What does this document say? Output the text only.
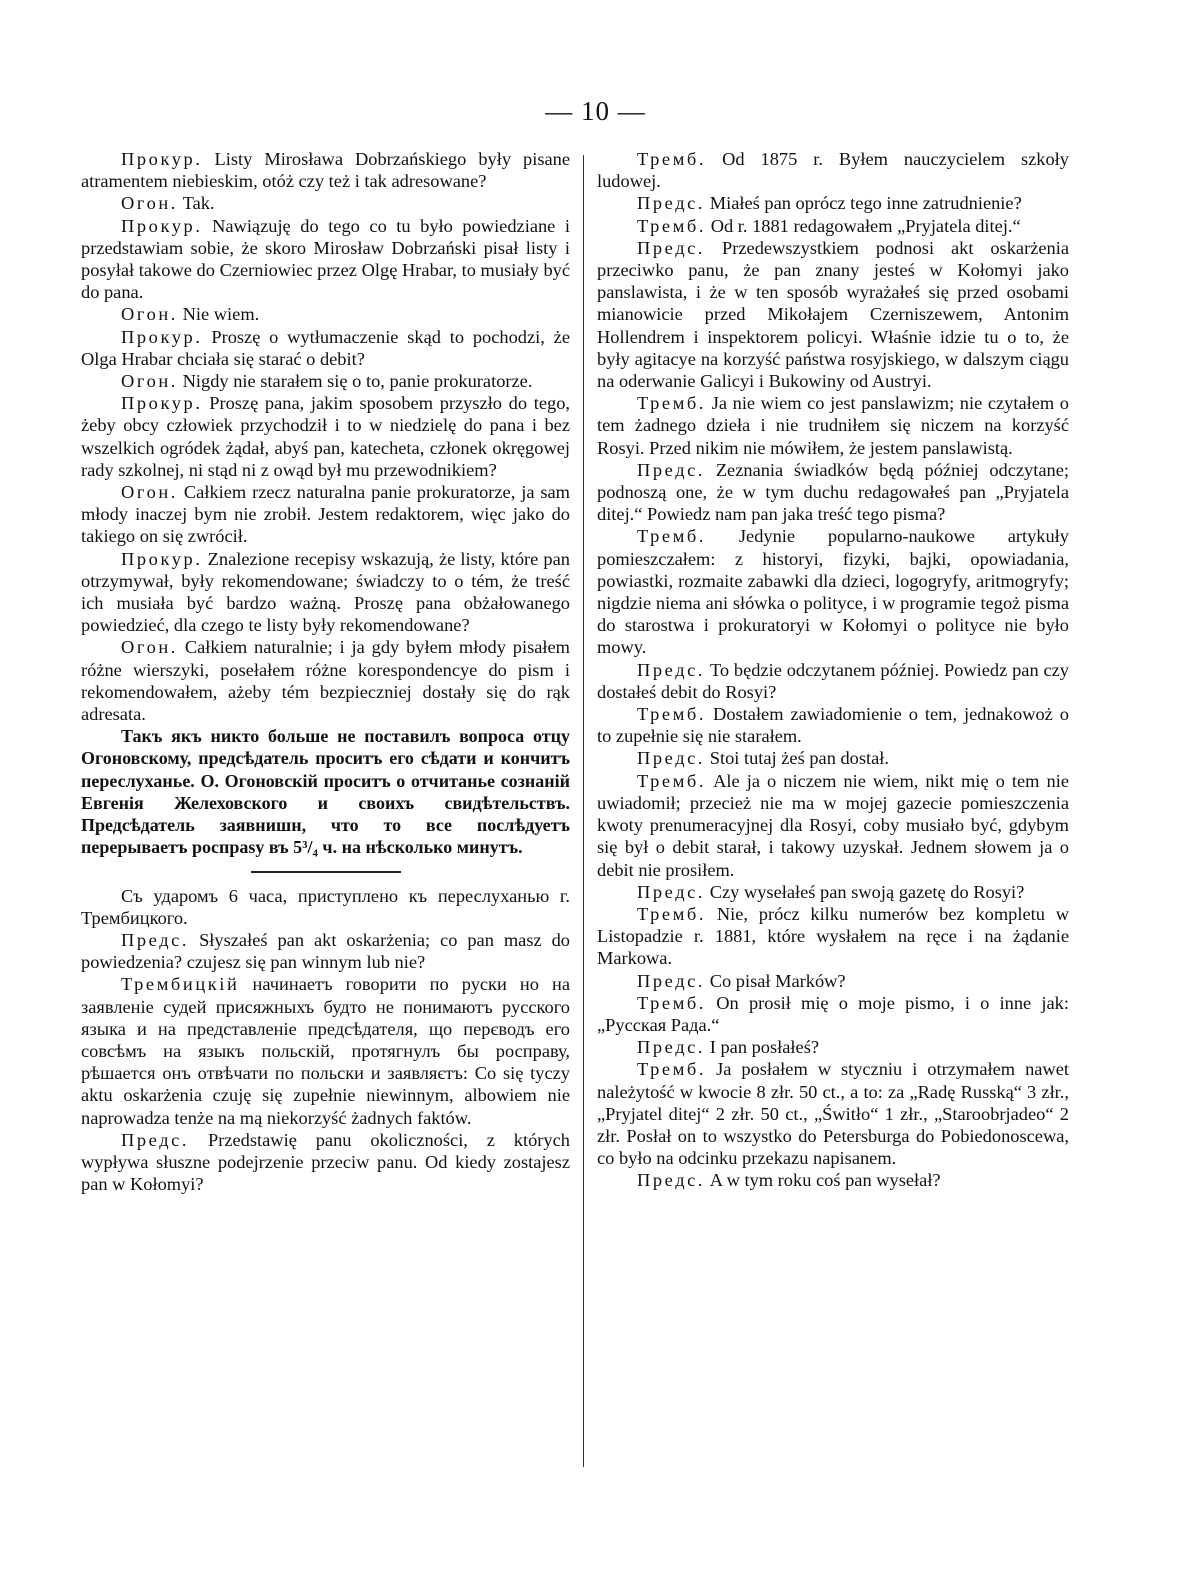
— 10 —

Прокур. Listy Mirosława Dobrzańskiego były pisane atramentem niebieskim, otóż czy też i tak adresowane?

Огон. Tak.

Прокур. Nawiązuję do tego co tu było powiedziane i przedstawiam sobie, że skoro Mirosław Dobrzański pisał listy i posyłał takowe do Czerniowiec przez Olgę Hrabar, to musiały być do pana.

Огон. Nie wiem.

Прокур. Proszę o wytłumaczenie skąd to pochodzi, że Olga Hrabar chciała się starać o debit?

Огон. Nigdy nie starałem się o to, panie prokuratorze.

Прокур. Proszę pana, jakim sposobem przyszło do tego, żeby obcy człowiek przychodził i to w niedzielę do pana i bez wszelkich ogródek żądał, abyś pan, katecheta, członek okręgowej rady szkolnej, ni stąd ni z owąd był mu przewodnikiem?

Огон. Całkiem rzecz naturalna panie prokuratorze, ja sam młody inaczej bym nie zrobił. Jestem redaktorem, więc jako do takiego on się zwrócił.

Прокур. Znalezione recepisy wskazują, że listy, które pan otrzymywał, były rekomendowane; świadczy to o tém, że treść ich musiała być bardzo ważną. Proszę pana obżałowanego powiedzieć, dla czego te listy były rekomendowane?

Огон. Całkiem naturalnie; i ja gdy byłem młody pisałem różne wierszyki, posełałem różne korespondencye do pism i rekomendowałem, ażeby tém bezpieczniej dostały się do rąk adresata.

Такъ якъ никто больше не поставилъ вопроса отцу Огоновскому, предсѣдатель проситъ его сѣдати и кончитъ переслуханье. О. Огоновскій проситъ о отчитанье сознаній Евгенія Желеховского и своихъ свидѣтельствъ. Предсѣдатель заявнишн, что то все послѣдуетъ перерываетъ роспраsу въ 5³/₄ ч. на нѣсколько минутъ.

Съ ударомъ 6 часа, приступлено къ переслуханью г. Трембицкого.

Предс. Słyszałeś pan akt oskarżenia; co pan masz do powiedzenia? czujesz się pan winnym lub nie?

Трембицкій начинаетъ говорити по руски но на заявленіе судей присяжныхъ будто не понимаютъ русского языка и на представленіе предсѣдателя, що перєводъ его совсѣмъ на языкъ польскій, протягнулъ бы росправу, рѣшается онъ отвѣчати по польски и заявляєтъ: Co się tyczy aktu oskarżenia czuję się zupełnie niewinnym, albowiem nie naprowadza tenże na mą niekorzyść żadnych faktów.

Предс. Przedstawię panu okoliczności, z których wypływa słuszne podejrzenie przeciw panu. Od kiedy zostajesz pan w Kołomyi?

Тремб. Od 1875 r. Byłem nauczycielem szkoły ludowej.

Предс. Miałeś pan oprócz tego inne zatrudnienie?

Тремб. Od r. 1881 redagowałem „Pryjatela ditej.“

Предс. Przedewszystkiem podnosi akt oskarżenia przeciwko panu, że pan znany jesteś w Kołomyi jako panslawista, i że w ten sposób wyrażałeś się przed osobami mianowicie przed Mikołajem Czerniszewem, Antonim Hollendrem i inspektorem policyi. Właśnie idzie tu o to, że były agitacye na korzyść państwa rosyjskiego, w dalszym ciągu na oderwanie Galicyi i Bukowiny od Austryi.

Тремб. Ja nie wiem co jest panslawizm; nie czytałem o tem żadnego dzieła i nie trudniłem się niczem na korzyść Rosyi. Przed nikim nie mówiłem, że jestem panslawistą.

Предс. Zeznania świadków będą później odczytane; podnoszą one, że w tym duchu redagowałeś pan „Pryjatela ditej.“ Powiedz nam pan jaka treść tego pisma?

Тремб. Jedynie popularno-naukowe artykuły pomieszczałem: z historyi, fizyki, bajki, opowiadania, powiastki, rozmaite zabawki dla dzieci, logogryfy, aritmogryfy; nigdzie niema ani słówka o polityce, i w programie tegoż pisma do starostwa i prokuratoryi w Kołomyi o polityce nie było mowy.

Предс. To będzie odczytanem później. Powiedz pan czy dostałeś debit do Rosyi?

Тремб. Dostałem zawiadomienie o tem, jednakowoż o to zupełnie się nie starałem.

Предс. Stoi tutaj żeś pan dostał.

Тремб. Ale ja o niczem nie wiem, nikt mię o tem nie uwiadomił; przecież nie ma w mojej gazecie pomieszczenia kwoty prenumeracyjnej dla Rosyi, coby musiało być, gdybym się był o debit starał, i takowy uzyskał. Jednem słowem ja o debit nie prosiłem.

Предс. Czy wysełałeś pan swoją gazetę do Rosyi?

Тремб. Nie, prócz kilku numerów bez kompletu w Listopadzie r. 1881, które wysłałem na ręce i na żądanie Markowa.

Предс. Co pisał Marków?

Тремб. On prosił mię o moje pismo, i o inne jak: „Русская Рада.“

Предс. I pan posłałeś?

Тремб. Ja posłałem w styczniu i otrzymałem nawet należytość w kwocie 8 złr. 50 ct., a to: za „Radę Russką“ 3 złr., „Pryjatel ditej“ 2 złr. 50 ct., „Świtło“ 1 złr., „Staroobrjadeo“ 2 złr. Posłał on to wszystko do Petersburga do Pobiedonoscewa, co było na odcinku przekazu napisanem.

Предс. A w tym roku coś pan wysełał?
